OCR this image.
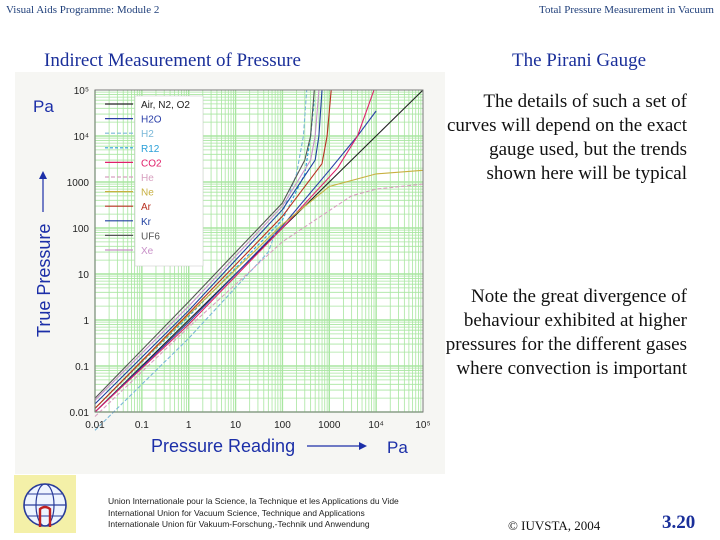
Visual Aids Programme: Module 2	Total Pressure Measurement in Vacuum
Indirect Measurement of Pressure	The Pirani Gauge
The details of such a set of curves will depend on the exact gauge used, but the trends shown here will be typical
Note the great divergence of behaviour exhibited at higher pressures for the different gases where convection is important
0.01	0.1	1	10	100	1000	10⁴	10⁵
0.01
0.1
1
10
100
1000
10⁴
10⁵
Air, N2, O2
H2O
H2
R12
CO2
He
Ne
Ar
Kr
UF6
Xe
Pa
True Pressure
Pressure Reading	Pa
Union Internationale pour la Science, la Technique et les Applications du Vide
International Union for Vacuum Science, Technique and Applications
Internationale Union für Vakuum-Forschung,-Technik und Anwendung	© IUVSTA, 2004	3.20
